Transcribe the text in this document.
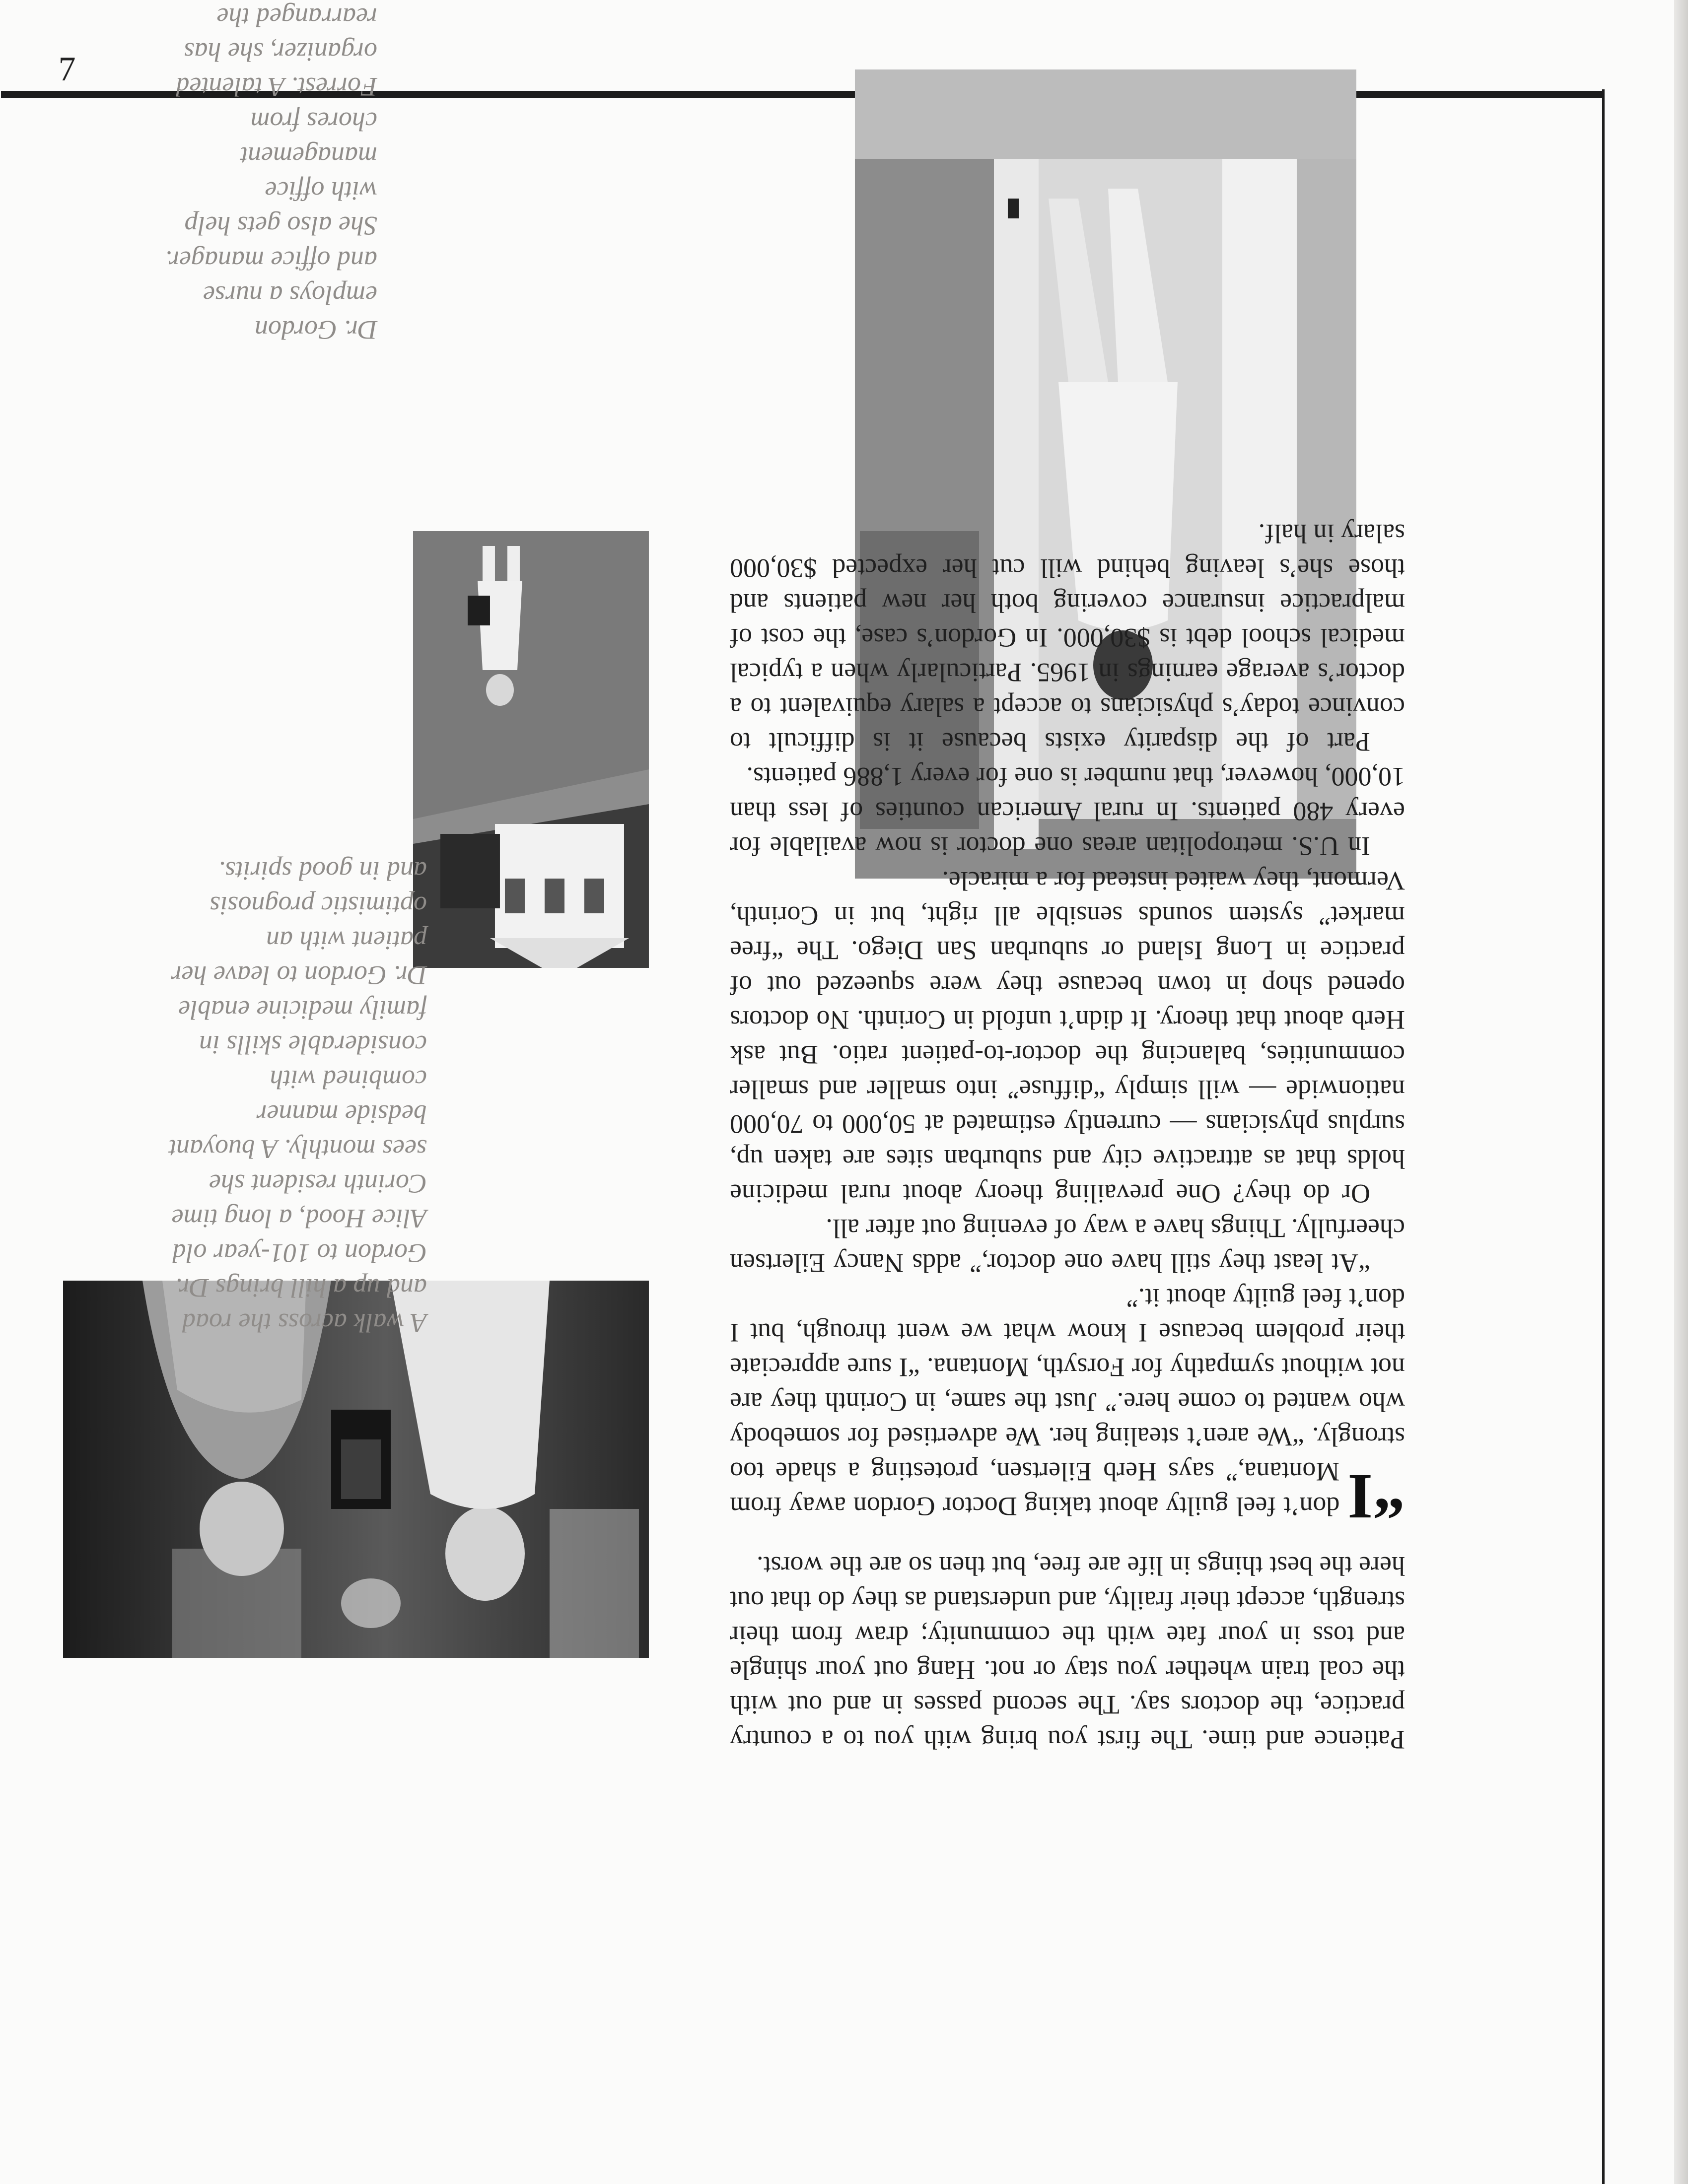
7
A walk across the road and up a hill brings Dr. Gordon to 101-year old Alice Hood, a long time Corinth resident she sees monthly. A buoyant bedside manner combined with considerable skills in family medicine enable Dr. Gordon to leave her patient with an optimistic prognosis and in good spirits.
Dr. Gordon employs a nurse and office manager. She also gets help with office management chores from Forrest. A talented organizer, she has rearranged the

Patience and time. The first you bring with you to a country practice, the doctors say. The second passes in and out with the coal train whether you stay or not. Hang out your shingle and toss in your fate with the community; draw from their strength, accept their frailty, and understand as they do that out here the best things in life are free, but then so are the worst.

“I
don’t feel guilty about taking Doctor Gordon away from Montana,” says Herb Eilertsen, protesting a shade too strongly. “We aren’t stealing her. We advertised for somebody who wanted to come here.” Just the same, in Corinth they are not without sympathy for Forsyth, Montana. “I sure appreciate their problem because I know what we went through, but I don’t feel guilty about it.”

“At least they still have one doctor,” adds Nancy Eilertsen cheerfully. Things have a way of evening out after all.

Or do they? One prevailing theory about rural medicine holds that as attractive city and suburban sites are taken up, surplus physicians — currently estimated at 50,000 to 70,000 nationwide — will simply “diffuse” into smaller and smaller communities, balancing the doctor-to-patient ratio. But ask Herb about that theory. It didn’t unfold in Corinth. No doctors opened shop in town because they were squeezed out of practice in Long Island or suburban San Diego. The “free market” system sounds sensible all right, but in Corinth, Vermont, they waited instead for a miracle.

In U.S. metropolitan areas one doctor is now available for every 480 patients. In rural American counties of less than 10,000, however, that number is one for every 1,886 patients.

Part of the disparity exists because it is difficult to convince today’s physicians to accept a salary equivalent to a doctor’s average earnings in 1965. Particularly when a typical medical school debt is $30,000. In Gordon’s case, the cost of malpractice insurance covering both her new patients and those she’s leaving behind will cut her expected $30,000 salary in half.
